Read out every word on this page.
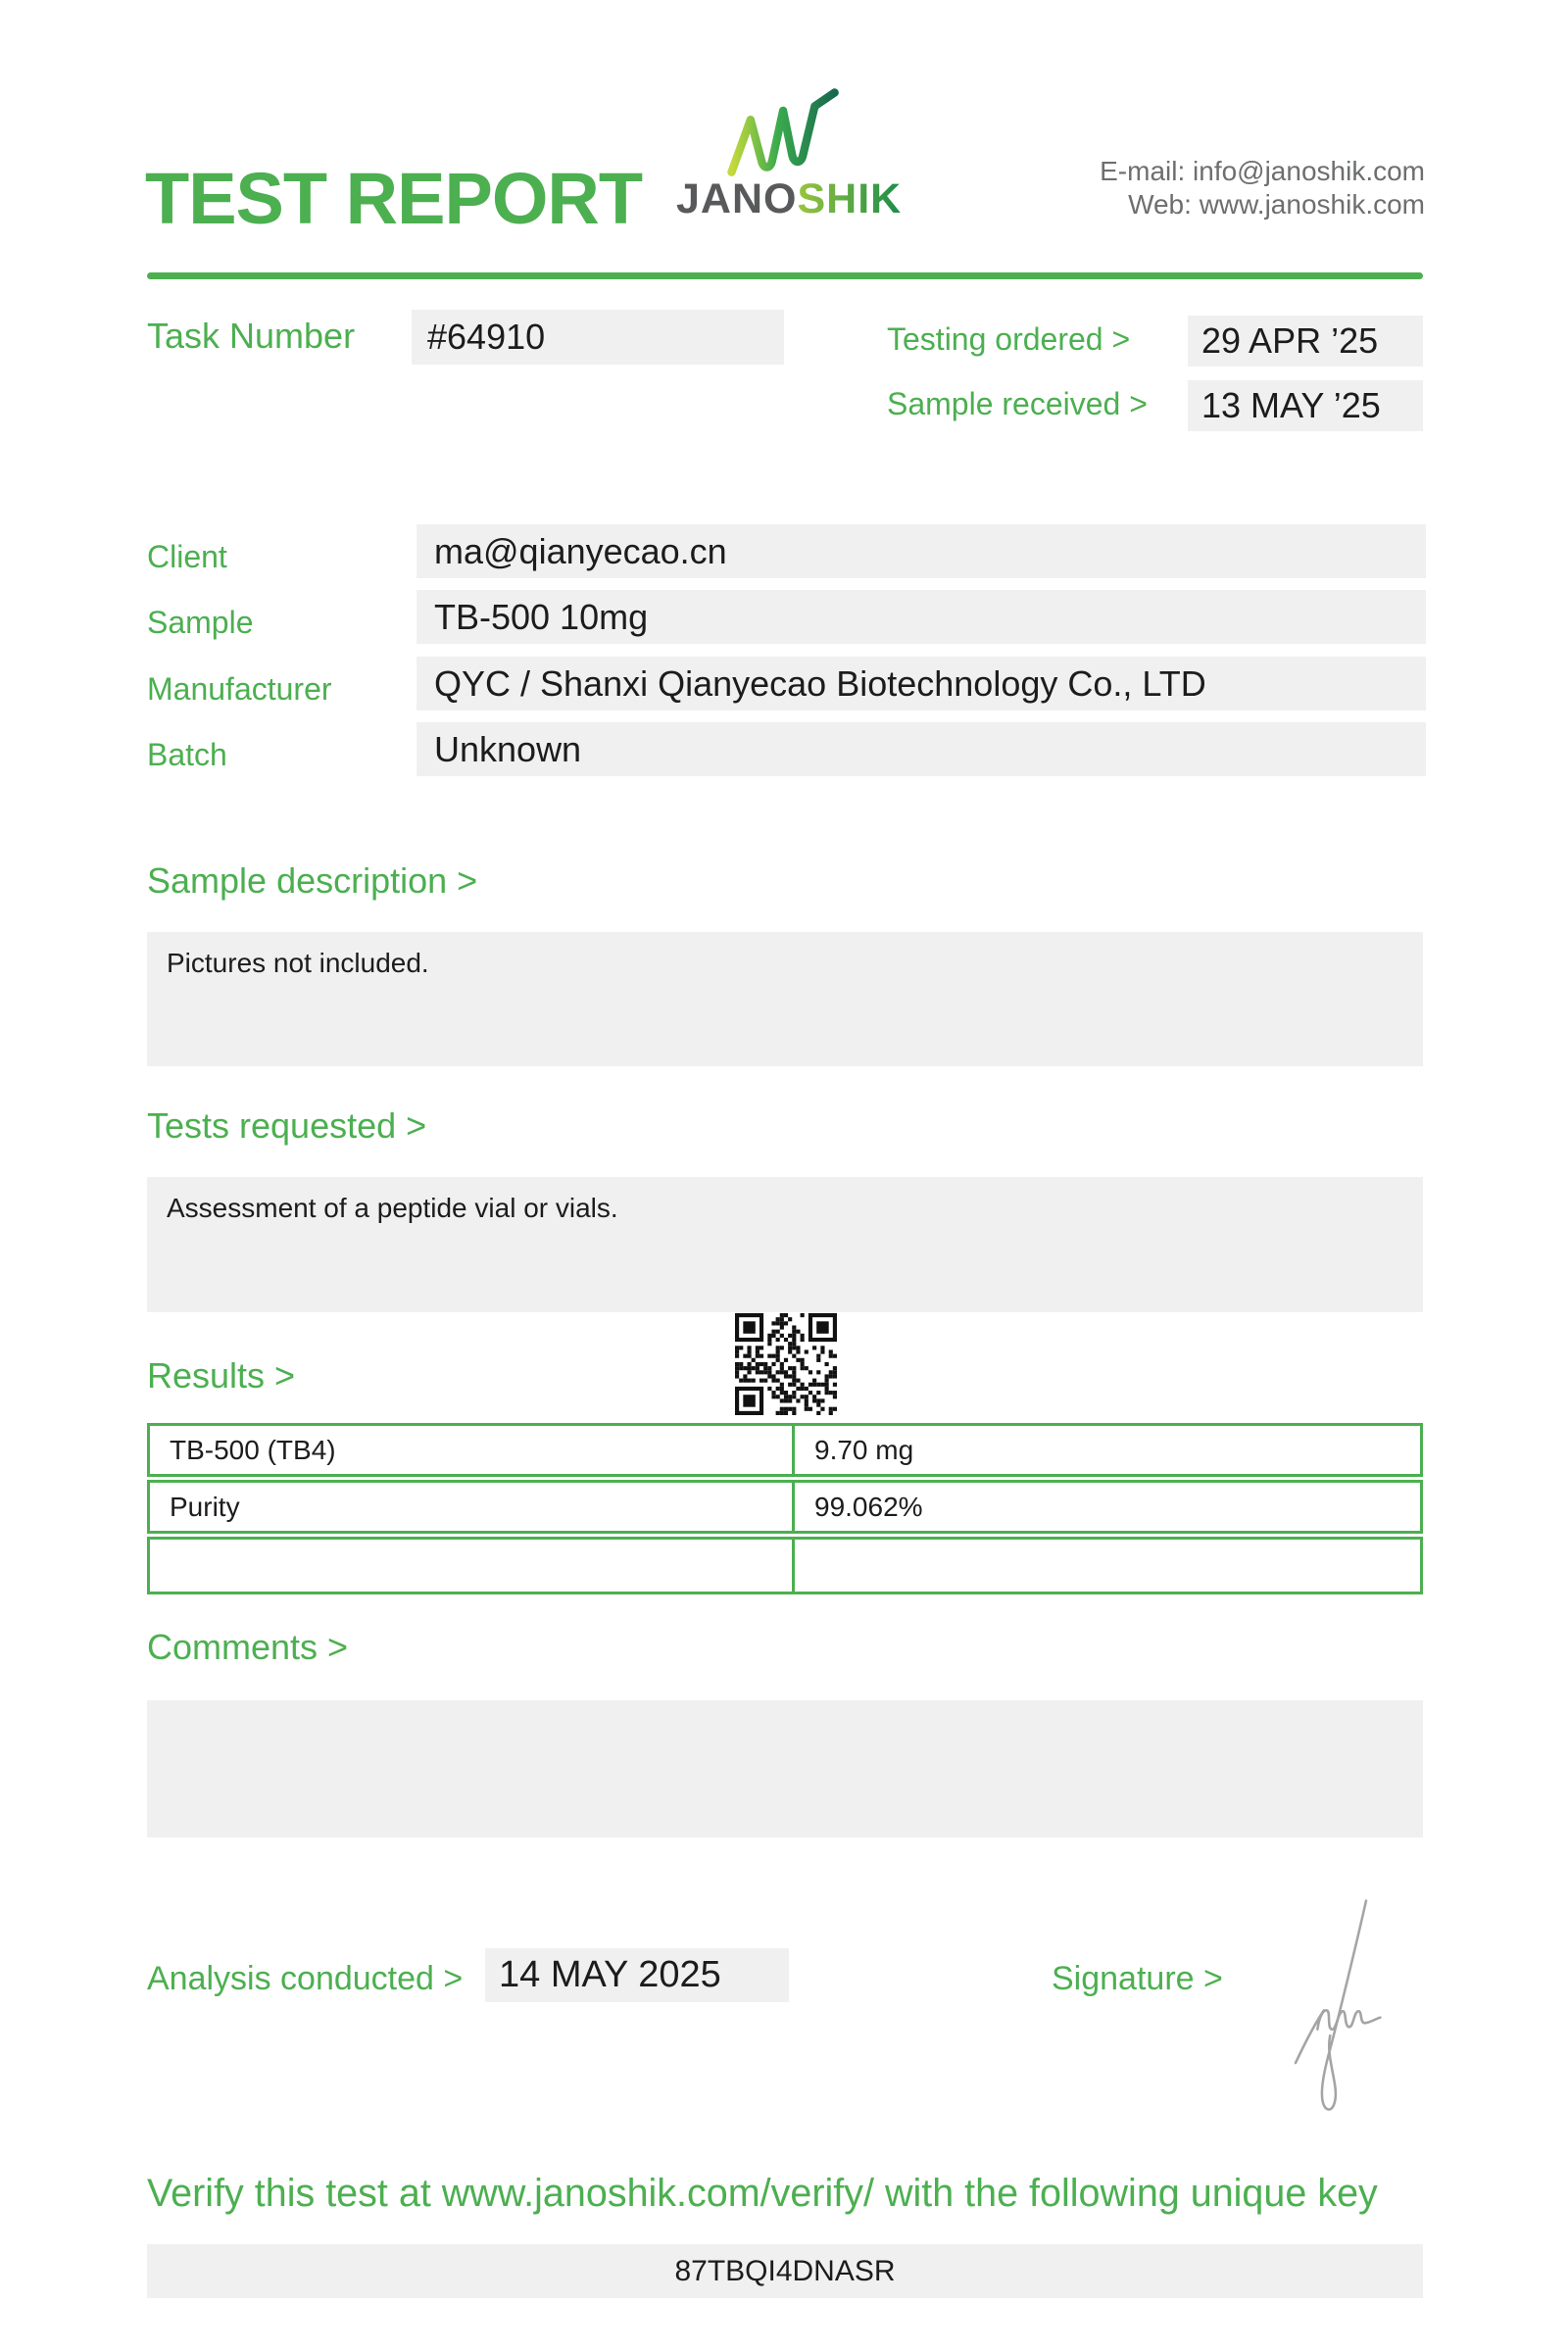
TEST REPORT JANOSHIK
E-mail: info@janoshik.com
Web: www.janoshik.com
Task Number	#64910	Testing ordered >	29 APR ’25
Sample received >	13 MAY ’25
Client	ma@qianyecao.cn
Sample	TB-500 10mg
Manufacturer	QYC / Shanxi Qianyecao Biotechnology Co., LTD
Batch	Unknown
Sample description >
Pictures not included.
Tests requested >
Assessment of a peptide vial or vials.
Results >
TB-500 (TB4)	9.70 mg
Purity	99.062%
Comments >
Analysis conducted > 14 MAY 2025	Signature >
Verify this test at www.janoshik.com/verify/ with the following unique key
87TBQI4DNASR
